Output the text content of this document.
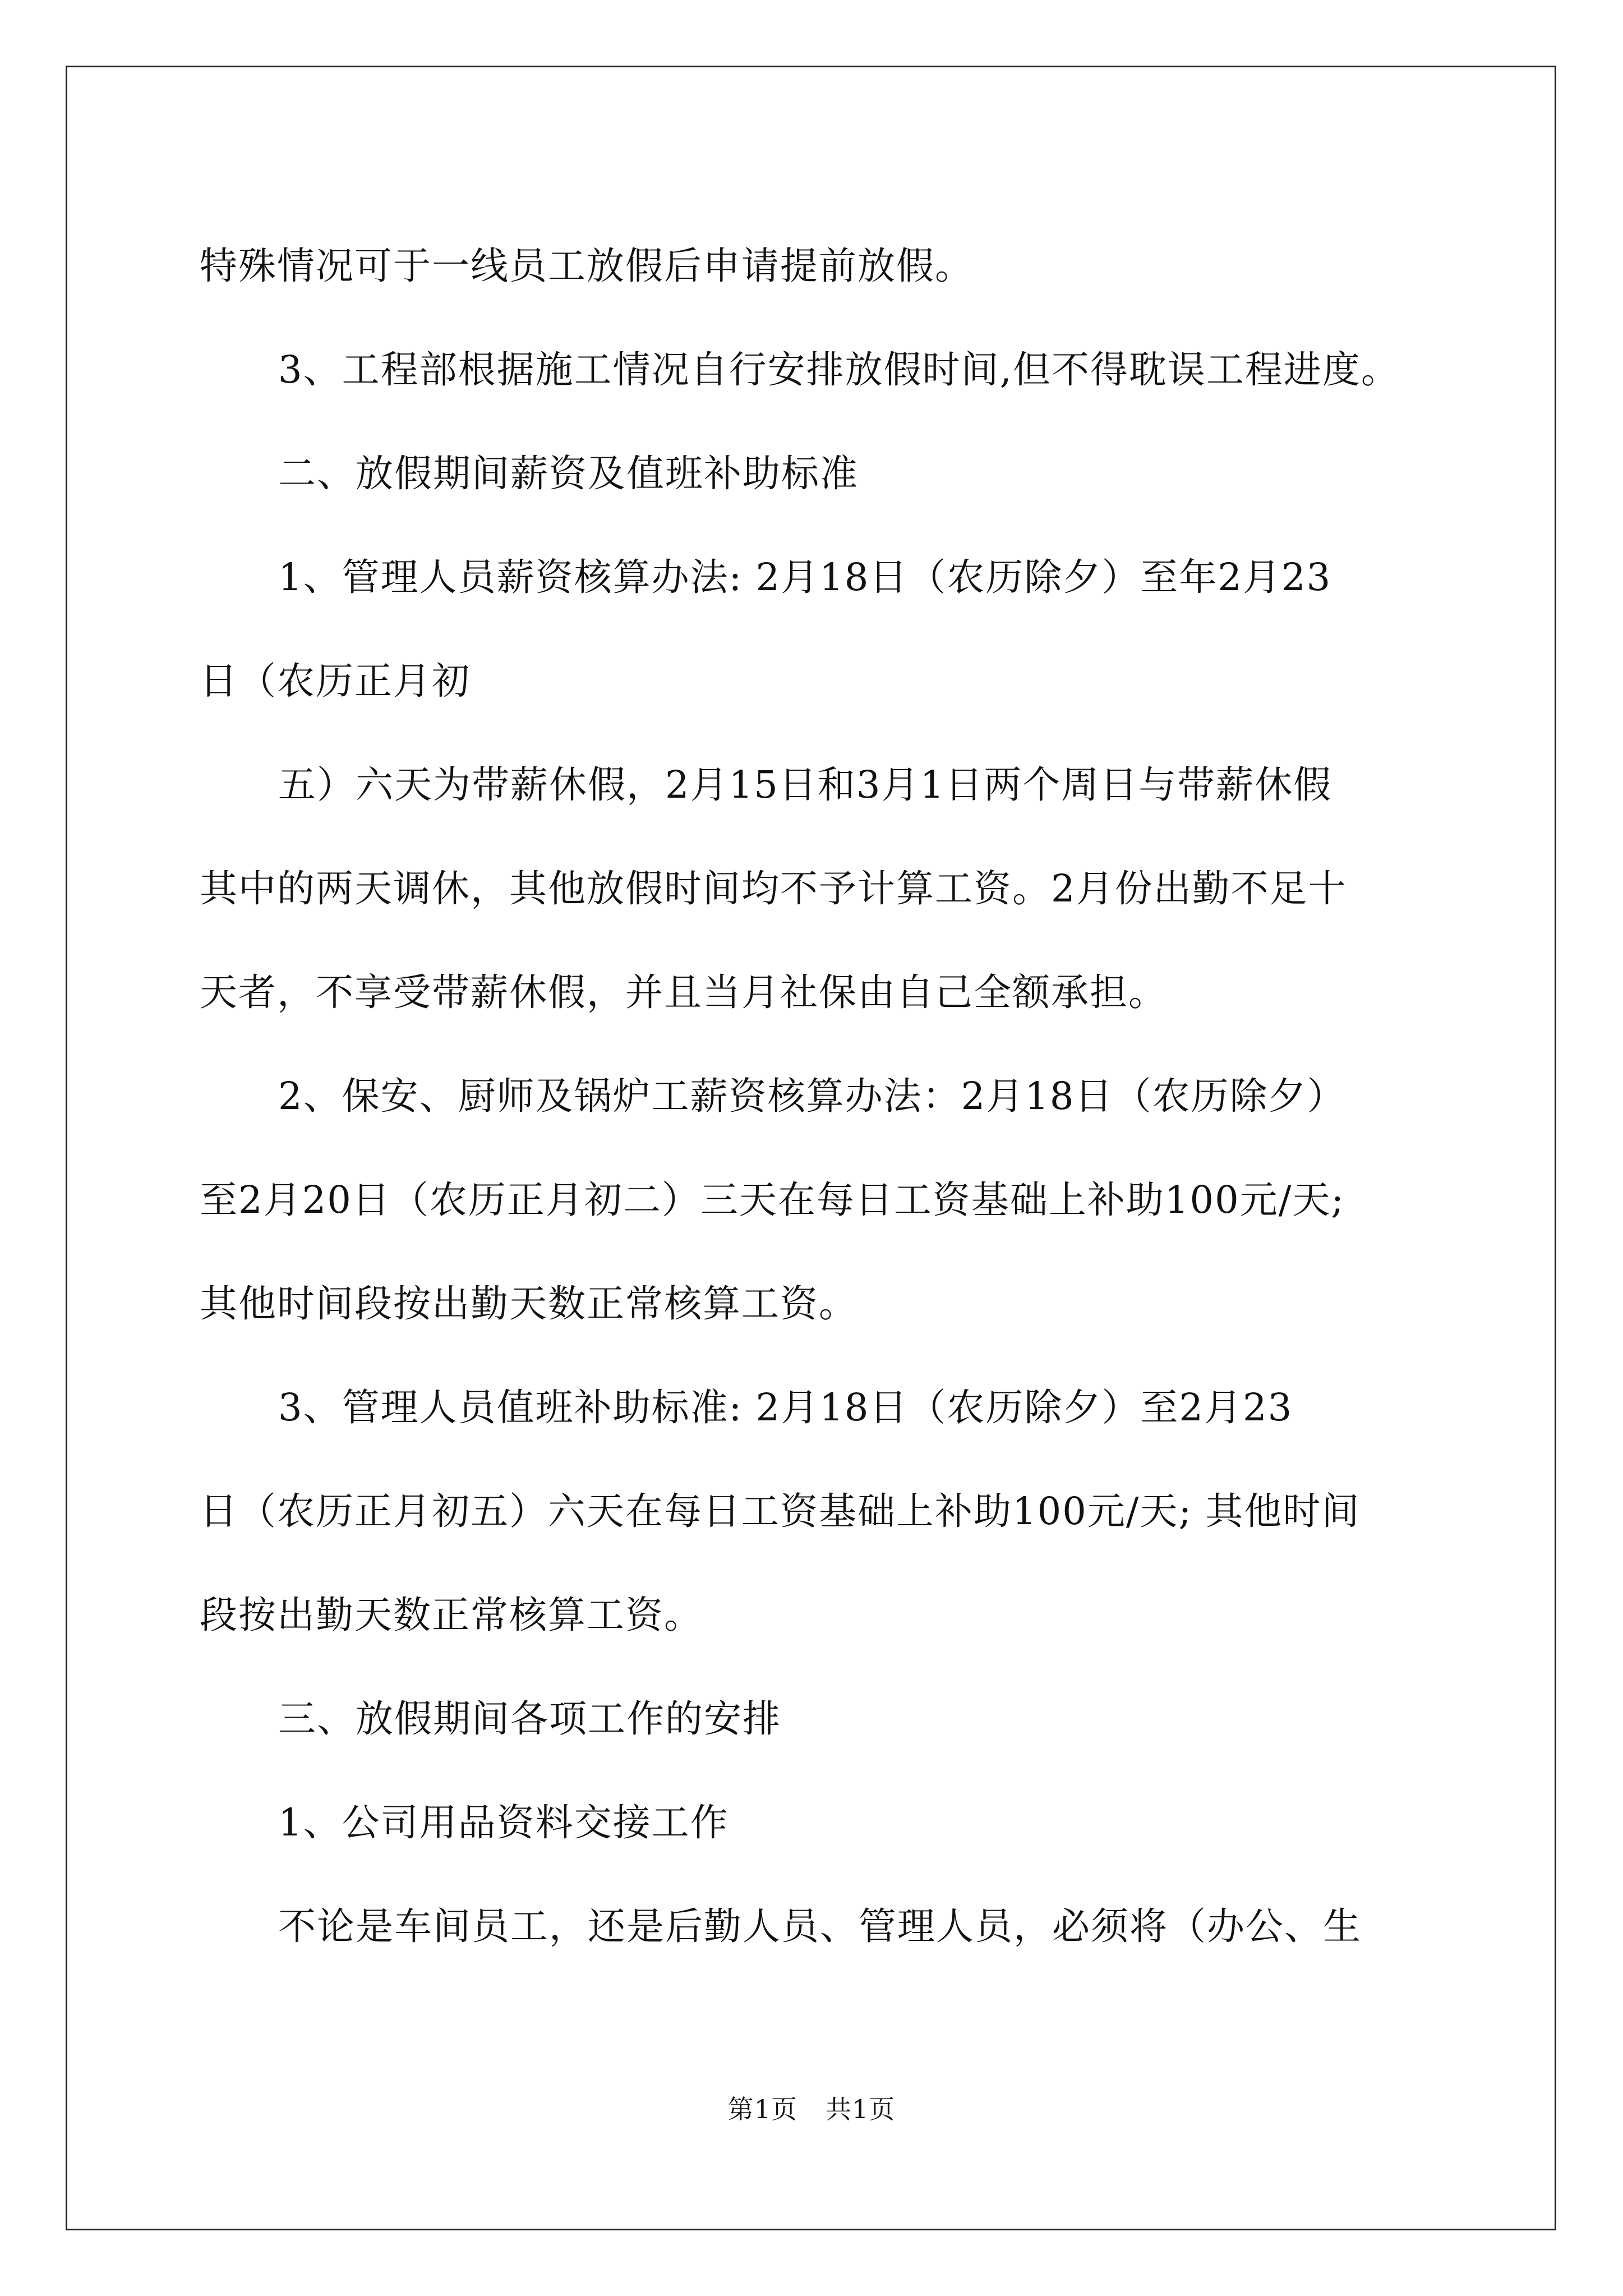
特殊情况可于一线员工放假后申请提前放假。
3、工程部根据施工情况自行安排放假时间,但不得耽误工程进度。
二、放假期间薪资及值班补助标准
1、管理人员薪资核算办法: 2月18日（农历除夕）至年2月23
日（农历正月初
五）六天为带薪休假，2月15日和3月1日两个周日与带薪休假
其中的两天调休，其他放假时间均不予计算工资。2月份出勤不足十
天者，不享受带薪休假，并且当月社保由自己全额承担。
2、保安、厨师及锅炉工薪资核算办法：2月18日（农历除夕）
至2月20日（农历正月初二）三天在每日工资基础上补助100元/天;
其他时间段按出勤天数正常核算工资。
3、管理人员值班补助标准: 2月18日（农历除夕）至2月23
日（农历正月初五）六天在每日工资基础上补助100元/天; 其他时间
段按出勤天数正常核算工资。
三、放假期间各项工作的安排
1、公司用品资料交接工作
不论是车间员工，还是后勤人员、管理人员，必须将（办公、生
第1页 共1页
